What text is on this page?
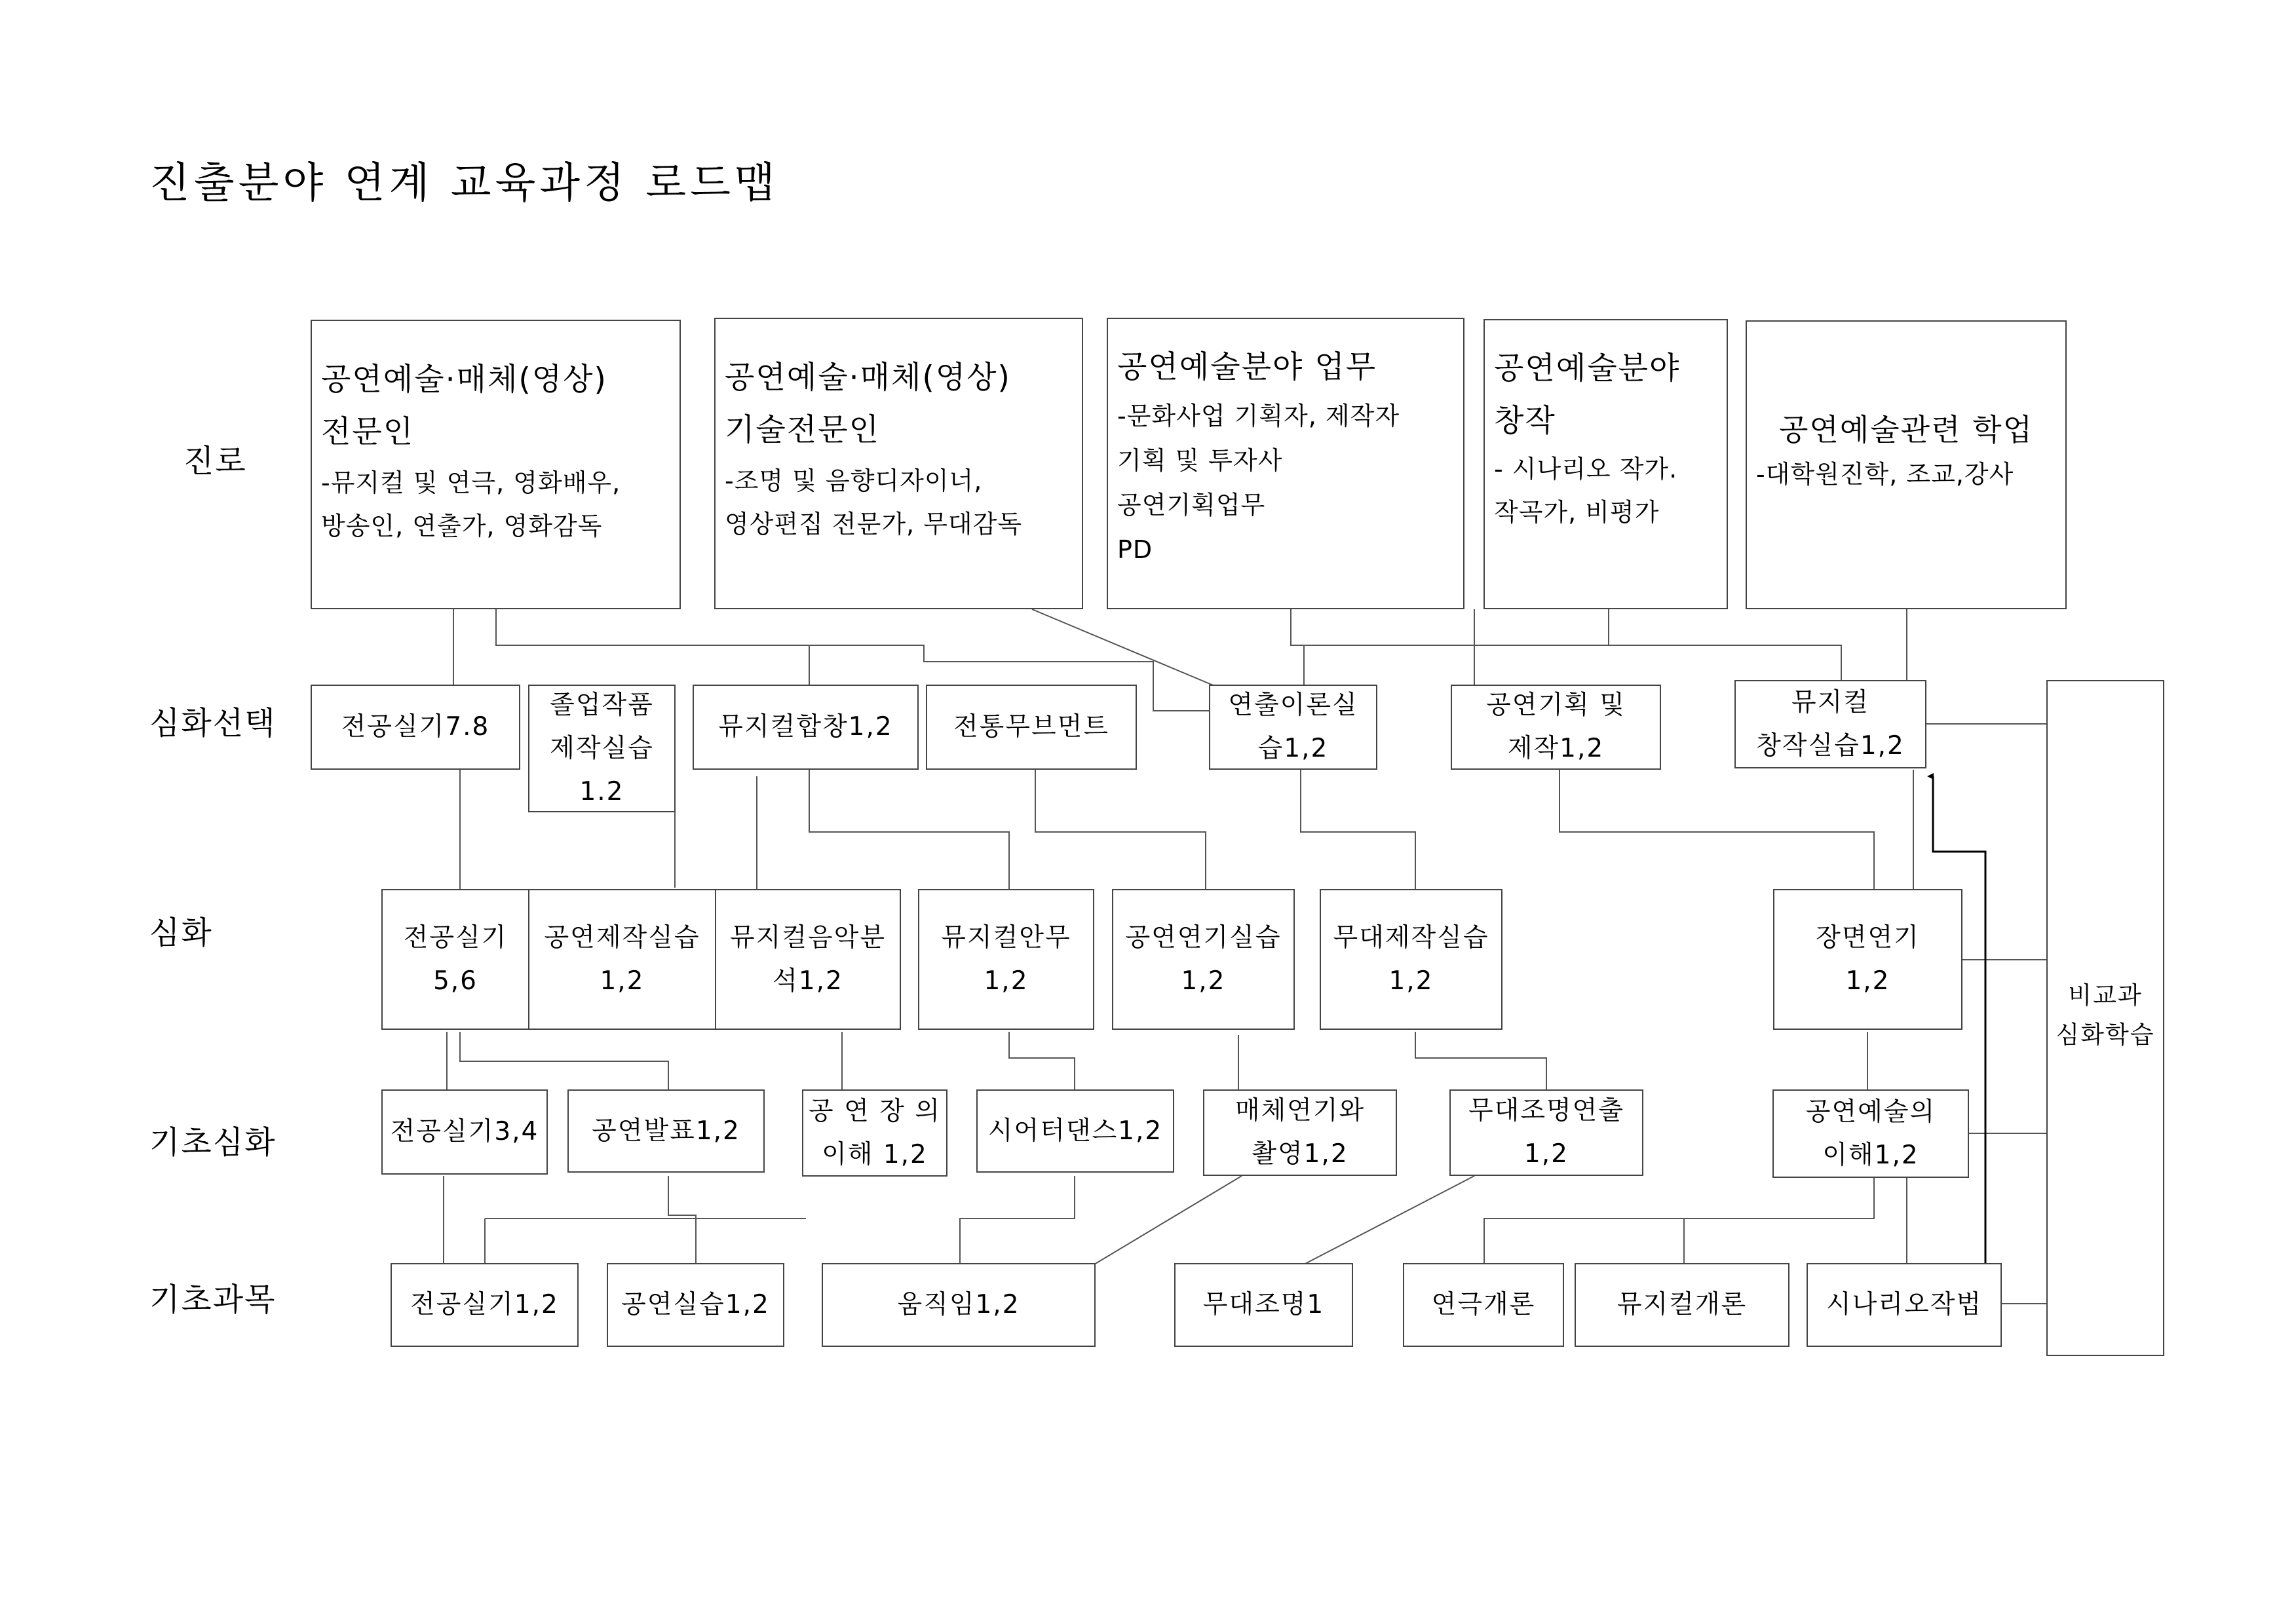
진출분야 연계 교육과정 로드맵
진로
심화선택
심화
기초심화
기초과목
공연예술·매체(영상)
전문인
-뮤지컬 및 연극, 영화배우,
방송인, 연출가, 영화감독
공연예술·매체(영상)
기술전문인
-조명 및 음향디자이너,
영상편집 전문가, 무대감독
공연예술분야 업무
-문화사업 기획자, 제작자
기획 및 투자사
공연기획업무
PD
공연예술분야
창작
- 시나리오 작가.
작곡가, 비평가
공연예술관련 학업
-대학원진학, 조교,강사
전공실기7.8
졸업작품
제작실습
1.2
뮤지컬합창1,2 전통무브먼트
연출이론실
습1,2
공연기획 및
제작1,2
뮤지컬
창작실습1,2
전공실기
5,6
공연제작실습
1,2
뮤지컬음악분
석1,2
뮤지컬안무
1,2
공연연기실습
1,2
무대제작실습
1,2
장면연기
1,2
전공실기3,4 공연발표1,2
공 연 장 의
이해 1,2
시어터댄스1,2
매체연기와
촬영1,2
무대조명연출
1,2
공연예술의
이해1,2
전공실기1,2 공연실습1,2	움직임1,2	무대조명1	연극개론	뮤지컬개론	시나리오작법
비교과
심화학습
